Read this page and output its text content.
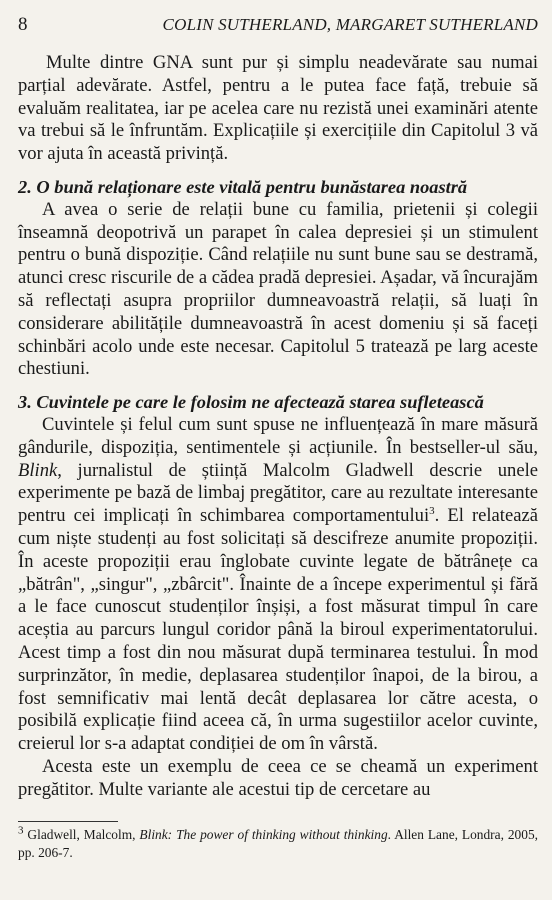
8	COLIN SUTHERLAND, MARGARET SUTHERLAND

Multe dintre GNA sunt pur și simplu neadevărate sau numai parțial adevărate. Astfel, pentru a le putea face față, trebuie să evaluăm realitatea, iar pe acelea care nu rezistă unei examinări atente va trebui să le înfruntăm. Explicațiile și exercițiile din Capitolul 3 vă vor ajuta în această privință.

2. O bună relaționare este vitală pentru bunăstarea noastră

A avea o serie de relații bune cu familia, prietenii și colegii înseamnă deopotrivă un parapet în calea depresiei și un stimulent pentru o bună dispoziție. Când relațiile nu sunt bune sau se destramă, atunci cresc riscurile de a cădea pradă depresiei. Așadar, vă încurajăm să reflectați asupra propriilor dumneavoastră relații, să luați în considerare abilitățile dumneavoastră în acest domeniu și să faceți schinbări acolo unde este necesar. Capitolul 5 tratează pe larg aceste chestiuni.

3. Cuvintele pe care le folosim ne afectează starea sufletească

Cuvintele și felul cum sunt spuse ne influențează în mare măsură gândurile, dispoziția, sentimentele și acțiunile. În bestseller-ul său, Blink, jurnalistul de știință Malcolm Gladwell descrie unele experimente pe bază de limbaj pregătitor, care au rezultate interesante pentru cei implicați în schimbarea comportamentului$^3$. El relatează cum niște studenți au fost solicitați să descifreze anumite propoziții. În aceste propoziții erau înglobate cuvinte legate de bătrânețe ca „bătrân", „singur", „zbârcit". Înainte de a începe experimentul și fără a le face cunoscut studenților înșiși, a fost măsurat timpul în care aceștia au parcurs lungul coridor până la biroul experimentatorului. Acest timp a fost din nou măsurat după terminarea testului. În mod surprinzător, în medie, deplasarea studenților înapoi, de la birou, a fost semnificativ mai lentă decât deplasarea lor către acesta, o posibilă explicație fiind aceea că, în urma sugestiilor acelor cuvinte, creierul lor s-a adaptat condiției de om în vârstă.

Acesta este un exemplu de ceea ce se cheamă un experiment pregătitor. Multe variante ale acestui tip de cercetare au

$^3$ Gladwell, Malcolm, Blink: The power of thinking without thinking. Allen Lane, Londra, 2005, pp. 206-7.
